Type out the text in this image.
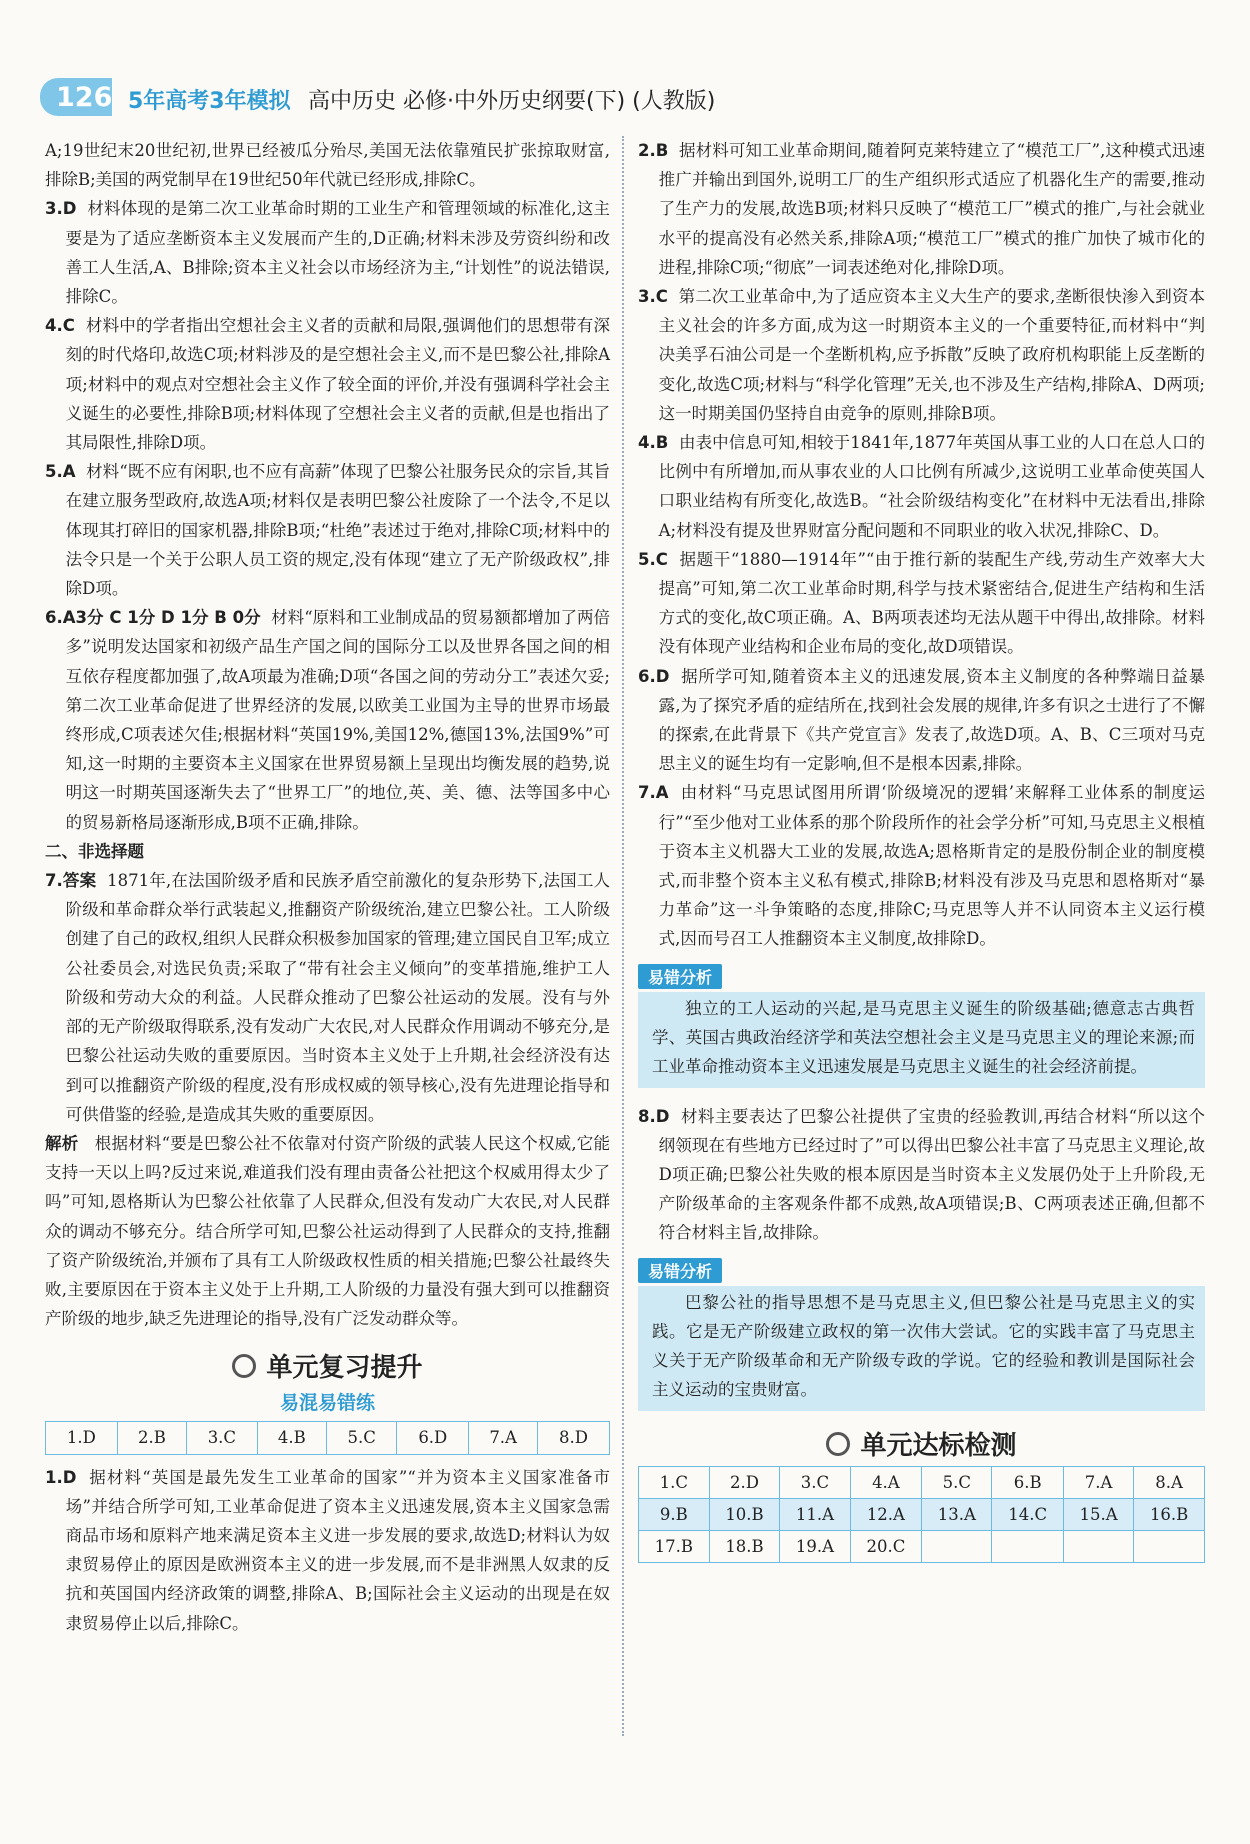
126 5年高考3年模拟 高中历史 必修·中外历史纲要(下) (人教版)

A;19世纪末20世纪初,世界已经被瓜分殆尽,美国无法依靠殖民扩张掠取财富,排除B;美国的两党制早在19世纪50年代就已经形成,排除C。

3.D 材料体现的是第二次工业革命时期的工业生产和管理领域的标准化,这主要是为了适应垄断资本主义发展而产生的,D正确;材料未涉及劳资纠纷和改善工人生活,A、B排除;资本主义社会以市场经济为主,“计划性”的说法错误,排除C。

4.C 材料中的学者指出空想社会主义者的贡献和局限,强调他们的思想带有深刻的时代烙印,故选C项;材料涉及的是空想社会主义,而不是巴黎公社,排除A项;材料中的观点对空想社会主义作了较全面的评价,并没有强调科学社会主义诞生的必要性,排除B项;材料体现了空想社会主义者的贡献,但是也指出了其局限性,排除D项。

5.A 材料“既不应有闲职,也不应有高薪”体现了巴黎公社服务民众的宗旨,其旨在建立服务型政府,故选A项;材料仅是表明巴黎公社废除了一个法令,不足以体现其打碎旧的国家机器,排除B项;“杜绝”表述过于绝对,排除C项;材料中的法令只是一个关于公职人员工资的规定,没有体现“建立了无产阶级政权”,排除D项。

6.A3分 C 1分 D 1分 B 0分 材料“原料和工业制成品的贸易额都增加了两倍多”说明发达国家和初级产品生产国之间的国际分工以及世界各国之间的相互依存程度都加强了,故A项最为准确;D项“各国之间的劳动分工”表述欠妥;第二次工业革命促进了世界经济的发展,以欧美工业国为主导的世界市场最终形成,C项表述欠佳;根据材料“英国19%,美国12%,德国13%,法国9%”可知,这一时期的主要资本主义国家在世界贸易额上呈现出均衡发展的趋势,说明这一时期英国逐渐失去了“世界工厂”的地位,英、美、德、法等国多中心的贸易新格局逐渐形成,B项不正确,排除。

二、非选择题

7.答案 1871年,在法国阶级矛盾和民族矛盾空前激化的复杂形势下,法国工人阶级和革命群众举行武装起义,推翻资产阶级统治,建立巴黎公社。工人阶级创建了自己的政权,组织人民群众积极参加国家的管理;建立国民自卫军;成立公社委员会,对选民负责;采取了“带有社会主义倾向”的变革措施,维护工人阶级和劳动大众的利益。人民群众推动了巴黎公社运动的发展。没有与外部的无产阶级取得联系,没有发动广大农民,对人民群众作用调动不够充分,是巴黎公社运动失败的重要原因。当时资本主义处于上升期,社会经济没有达到可以推翻资产阶级的程度,没有形成权威的领导核心,没有先进理论指导和可供借鉴的经验,是造成其失败的重要原因。

解析 根据材料“要是巴黎公社不依靠对付资产阶级的武装人民这个权威,它能支持一天以上吗?反过来说,难道我们没有理由责备公社把这个权威用得太少了吗”可知,恩格斯认为巴黎公社依靠了人民群众,但没有发动广大农民,对人民群众的调动不够充分。结合所学可知,巴黎公社运动得到了人民群众的支持,推翻了资产阶级统治,并颁布了具有工人阶级政权性质的相关措施;巴黎公社最终失败,主要原因在于资本主义处于上升期,工人阶级的力量没有强大到可以推翻资产阶级的地步,缺乏先进理论的指导,没有广泛发动群众等。

单元复习提升
易混易错练
1.D	2.B	3.C	4.B	5.C	6.D	7.A	8.D

1.D 据材料“英国是最先发生工业革命的国家”“并为资本主义国家准备市场”并结合所学可知,工业革命促进了资本主义迅速发展,资本主义国家急需商品市场和原料产地来满足资本主义进一步发展的要求,故选D;材料认为奴隶贸易停止的原因是欧洲资本主义的进一步发展,而不是非洲黑人奴隶的反抗和英国国内经济政策的调整,排除A、B;国际社会主义运动的出现是在奴隶贸易停止以后,排除C。

2.B 据材料可知工业革命期间,随着阿克莱特建立了“模范工厂”,这种模式迅速推广并输出到国外,说明工厂的生产组织形式适应了机器化生产的需要,推动了生产力的发展,故选B项;材料只反映了“模范工厂”模式的推广,与社会就业水平的提高没有必然关系,排除A项;“模范工厂”模式的推广加快了城市化的进程,排除C项;“彻底”一词表述绝对化,排除D项。

3.C 第二次工业革命中,为了适应资本主义大生产的要求,垄断很快渗入到资本主义社会的许多方面,成为这一时期资本主义的一个重要特征,而材料中“判决美孚石油公司是一个垄断机构,应予拆散”反映了政府机构职能上反垄断的变化,故选C项;材料与“科学化管理”无关,也不涉及生产结构,排除A、D两项;这一时期美国仍坚持自由竞争的原则,排除B项。

4.B 由表中信息可知,相较于1841年,1877年英国从事工业的人口在总人口的比例中有所增加,而从事农业的人口比例有所减少,这说明工业革命使英国人口职业结构有所变化,故选B。“社会阶级结构变化”在材料中无法看出,排除A;材料没有提及世界财富分配问题和不同职业的收入状况,排除C、D。

5.C 据题干“1880—1914年”“由于推行新的装配生产线,劳动生产效率大大提高”可知,第二次工业革命时期,科学与技术紧密结合,促进生产结构和生活方式的变化,故C项正确。A、B两项表述均无法从题干中得出,故排除。材料没有体现产业结构和企业布局的变化,故D项错误。

6.D 据所学可知,随着资本主义的迅速发展,资本主义制度的各种弊端日益暴露,为了探究矛盾的症结所在,找到社会发展的规律,许多有识之士进行了不懈的探索,在此背景下《共产党宣言》发表了,故选D项。A、B、C三项对马克思主义的诞生均有一定影响,但不是根本因素,排除。

7.A 由材料“马克思试图用所谓‘阶级境况的逻辑’来解释工业体系的制度运行”“至少他对工业体系的那个阶段所作的社会学分析”可知,马克思主义根植于资本主义机器大工业的发展,故选A;恩格斯肯定的是股份制企业的制度模式,而非整个资本主义私有模式,排除B;材料没有涉及马克思和恩格斯对“暴力革命”这一斗争策略的态度,排除C;马克思等人并不认同资本主义运行模式,因而号召工人推翻资本主义制度,故排除D。

易错分析

独立的工人运动的兴起,是马克思主义诞生的阶级基础;德意志古典哲学、英国古典政治经济学和英法空想社会主义是马克思主义的理论来源;而工业革命推动资本主义迅速发展是马克思主义诞生的社会经济前提。

8.D 材料主要表达了巴黎公社提供了宝贵的经验教训,再结合材料“所以这个纲领现在有些地方已经过时了”可以得出巴黎公社丰富了马克思主义理论,故D项正确;巴黎公社失败的根本原因是当时资本主义发展仍处于上升阶段,无产阶级革命的主客观条件都不成熟,故A项错误;B、C两项表述正确,但都不符合材料主旨,故排除。

易错分析

巴黎公社的指导思想不是马克思主义,但巴黎公社是马克思主义的实践。它是无产阶级建立政权的第一次伟大尝试。它的实践丰富了马克思主义关于无产阶级革命和无产阶级专政的学说。它的经验和教训是国际社会主义运动的宝贵财富。

单元达标检测
1.C	2.D	3.C	4.A	5.C	6.B	7.A	8.A
9.B	10.B	11.A	12.A	13.A	14.C	15.A	16.B
17.B	18.B	19.A	20.C				
